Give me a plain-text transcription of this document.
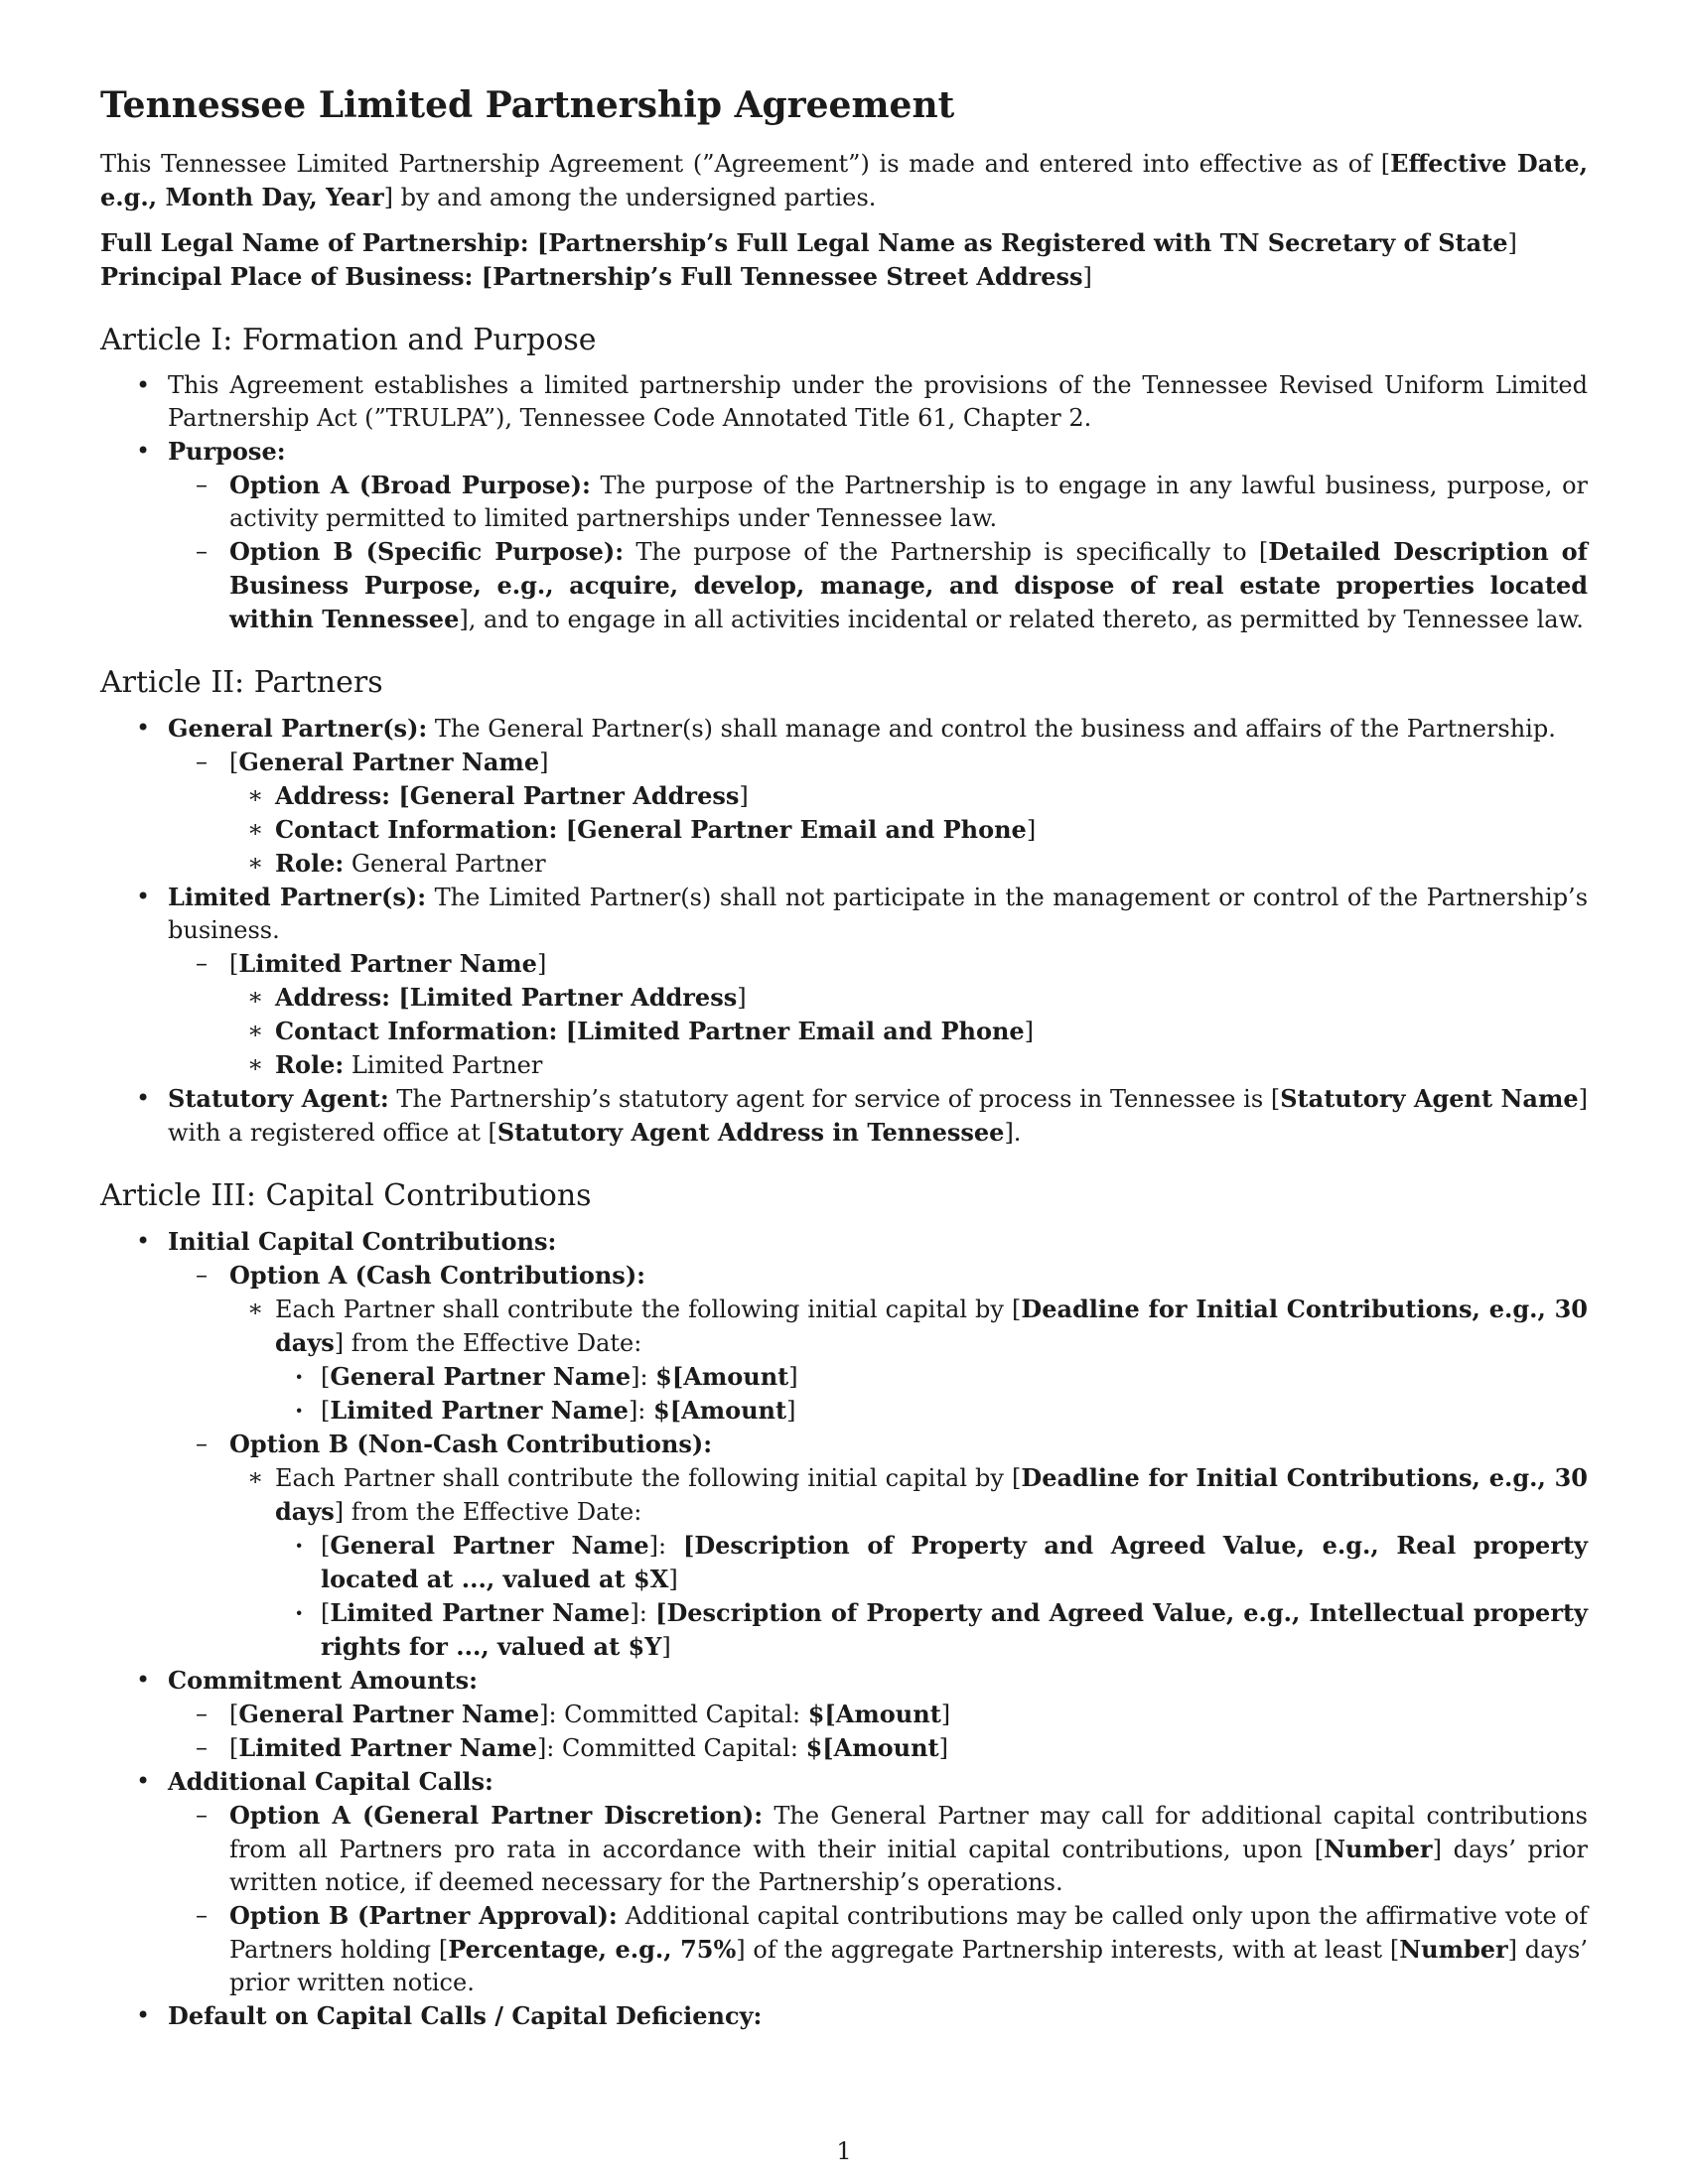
Tennessee Limited Partnership Agreement

This Tennessee Limited Partnership Agreement (”Agreement”) is made and entered into effective as of [Effective Date, e.g., Month Day, Year] by and among the undersigned parties.

Full Legal Name of Partnership: [Partnership’s Full Legal Name as Registered with TN Secretary of State]
Principal Place of Business: [Partnership’s Full Tennessee Street Address]
Article I: Formation and Purpose
• This Agreement establishes a limited partnership under the provisions of the Tennessee Revised Uniform Limited Partnership Act (”TRULPA”), Tennessee Code Annotated Title 61, Chapter 2.
• Purpose:
– Option A (Broad Purpose): The purpose of the Partnership is to engage in any lawful business, purpose, or activity permitted to limited partnerships under Tennessee law.
– Option B (Specific Purpose): The purpose of the Partnership is specifically to [Detailed Description of Business Purpose, e.g., acquire, develop, manage, and dispose of real estate properties located within Tennessee], and to engage in all activities incidental or related thereto, as permitted by Tennessee law.
Article II: Partners
• General Partner(s): The General Partner(s) shall manage and control the business and affairs of the Partnership.
– [General Partner Name]
∗ Address: [General Partner Address]
∗ Contact Information: [General Partner Email and Phone]
∗ Role: General Partner
• Limited Partner(s): The Limited Partner(s) shall not participate in the management or control of the Partnership’s business.
– [Limited Partner Name]
∗ Address: [Limited Partner Address]
∗ Contact Information: [Limited Partner Email and Phone]
∗ Role: Limited Partner
• Statutory Agent: The Partnership’s statutory agent for service of process in Tennessee is [Statutory Agent Name] with a registered office at [Statutory Agent Address in Tennessee].
Article III: Capital Contributions
• Initial Capital Contributions:
– Option A (Cash Contributions):
∗ Each Partner shall contribute the following initial capital by [Deadline for Initial Contributions, e.g., 30 days] from the Effective Date:
· [General Partner Name]: $[Amount]
· [Limited Partner Name]: $[Amount]
– Option B (Non-Cash Contributions):
∗ Each Partner shall contribute the following initial capital by [Deadline for Initial Contributions, e.g., 30 days] from the Effective Date:
· [General Partner Name]: [Description of Property and Agreed Value, e.g., Real property located at ..., valued at $X]
· [Limited Partner Name]: [Description of Property and Agreed Value, e.g., Intellectual property rights for ..., valued at $Y]
• Commitment Amounts:
– [General Partner Name]: Committed Capital: $[Amount]
– [Limited Partner Name]: Committed Capital: $[Amount]
• Additional Capital Calls:
– Option A (General Partner Discretion): The General Partner may call for additional capital contributions from all Partners pro rata in accordance with their initial capital contributions, upon [Number] days’ prior written notice, if deemed necessary for the Partnership’s operations.
– Option B (Partner Approval): Additional capital contributions may be called only upon the affirmative vote of Partners holding [Percentage, e.g., 75%] of the aggregate Partnership interests, with at least [Number] days’ prior written notice.
• Default on Capital Calls / Capital Deficiency:
1
